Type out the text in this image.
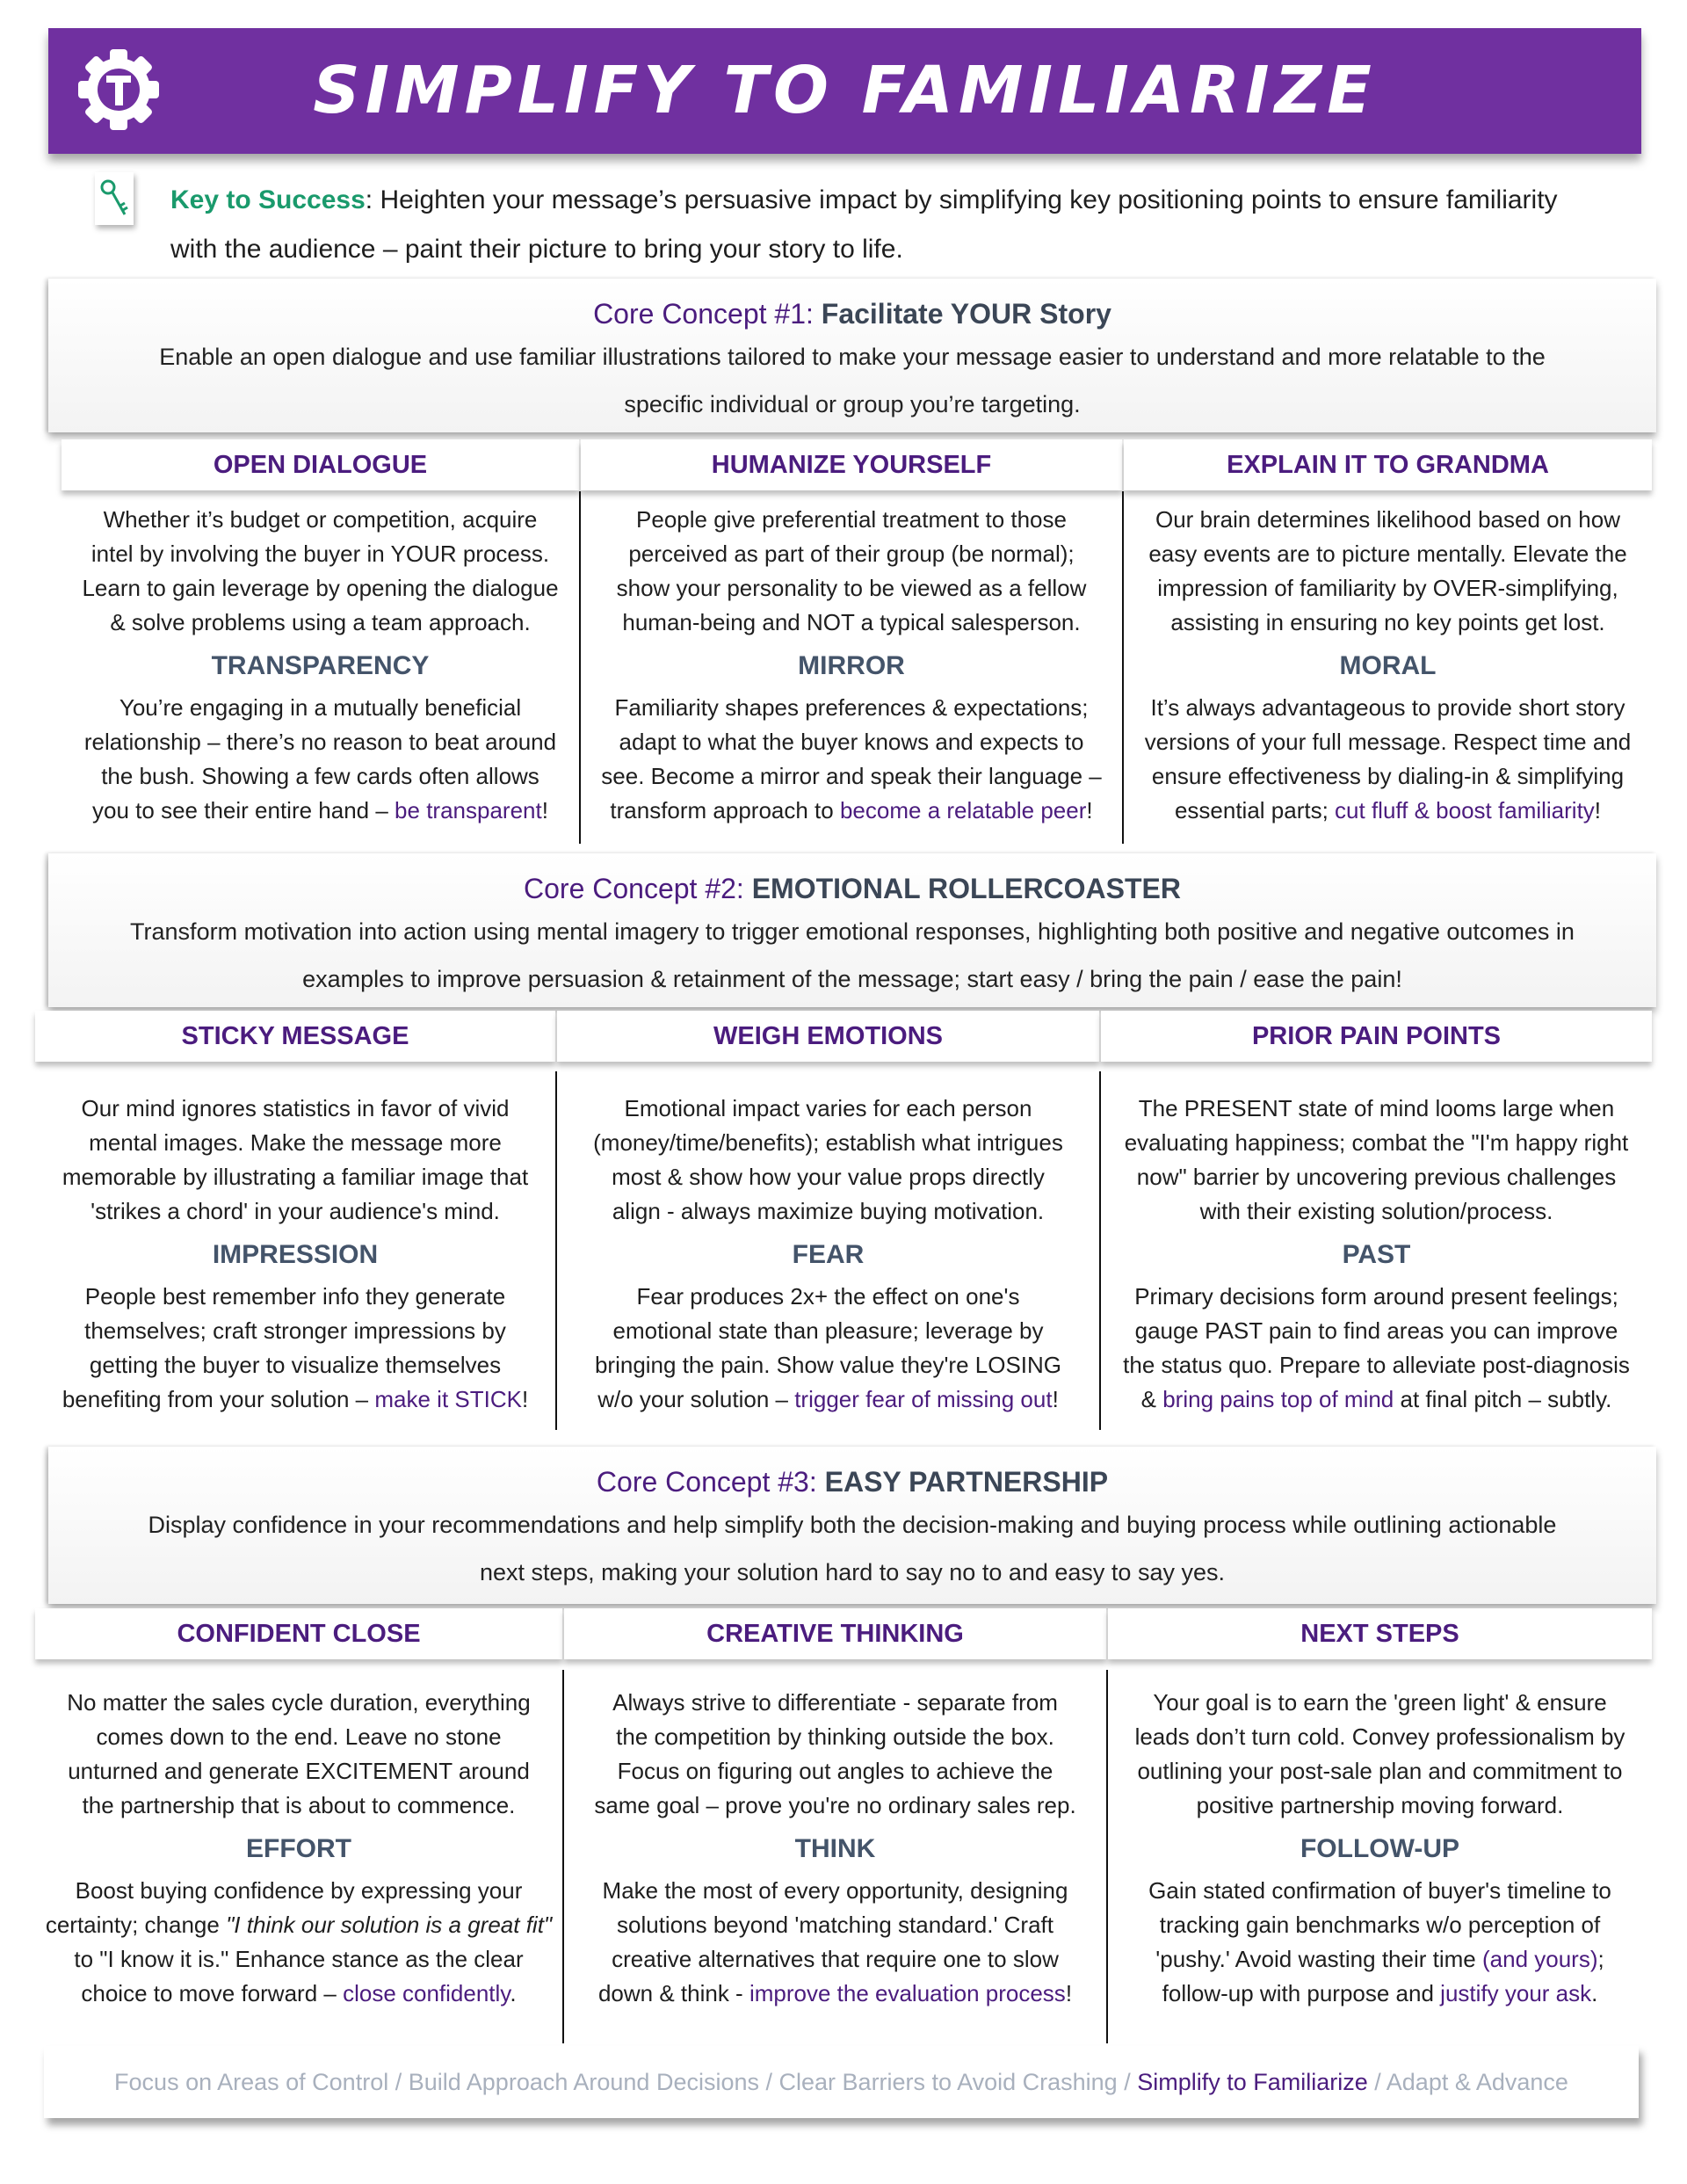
SIMPLIFY TO FAMILIARIZE
Key to Success: Heighten your message’s persuasive impact by simplifying key positioning points to ensure familiarity with the audience – paint their picture to bring your story to life.
Core Concept #1: Facilitate YOUR Story
Enable an open dialogue and use familiar illustrations tailored to make your message easier to understand and more relatable to the
specific individual or group you’re targeting.
OPEN DIALOGUE
Whether it’s budget or competition, acquire
intel by involving the buyer in YOUR process.
Learn to gain leverage by opening the dialogue
& solve problems using a team approach.
TRANSPARENCY
You’re engaging in a mutually beneficial
relationship – there’s no reason to beat around
the bush. Showing a few cards often allows
you to see their entire hand – be transparent!
HUMANIZE YOURSELF
People give preferential treatment to those
perceived as part of their group (be normal);
show your personality to be viewed as a fellow
human-being and NOT a typical salesperson.
MIRROR
Familiarity shapes preferences & expectations;
adapt to what the buyer knows and expects to
see. Become a mirror and speak their language –
transform approach to become a relatable peer!
EXPLAIN IT TO GRANDMA
Our brain determines likelihood based on how
easy events are to picture mentally. Elevate the
impression of familiarity by OVER-simplifying,
assisting in ensuring no key points get lost.
MORAL
It’s always advantageous to provide short story
versions of your full message. Respect time and
ensure effectiveness by dialing-in & simplifying
essential parts; cut fluff & boost familiarity!
Core Concept #2: EMOTIONAL ROLLERCOASTER
Transform motivation into action using mental imagery to trigger emotional responses, highlighting both positive and negative outcomes in
examples to improve persuasion & retainment of the message; start easy / bring the pain / ease the pain!
STICKY MESSAGE
Our mind ignores statistics in favor of vivid
mental images. Make the message more
memorable by illustrating a familiar image that
'strikes a chord' in your audience's mind.
IMPRESSION
People best remember info they generate
themselves; craft stronger impressions by
getting the buyer to visualize themselves
benefiting from your solution – make it STICK!
WEIGH EMOTIONS
Emotional impact varies for each person
(money/time/benefits); establish what intrigues
most & show how your value props directly
align - always maximize buying motivation.
FEAR
Fear produces 2x+ the effect on one's
emotional state than pleasure; leverage by
bringing the pain. Show value they're LOSING
w/o your solution – trigger fear of missing out!
PRIOR PAIN POINTS
The PRESENT state of mind looms large when
evaluating happiness; combat the "I'm happy right
now" barrier by uncovering previous challenges
with their existing solution/process.
PAST
Primary decisions form around present feelings;
gauge PAST pain to find areas you can improve
the status quo. Prepare to alleviate post-diagnosis
& bring pains top of mind at final pitch – subtly.
Core Concept #3: EASY PARTNERSHIP
Display confidence in your recommendations and help simplify both the decision-making and buying process while outlining actionable
next steps, making your solution hard to say no to and easy to say yes.
CONFIDENT CLOSE
No matter the sales cycle duration, everything
comes down to the end. Leave no stone
unturned and generate EXCITEMENT around
the partnership that is about to commence.
EFFORT
Boost buying confidence by expressing your
certainty; change "I think our solution is a great fit"
to "I know it is." Enhance stance as the clear
choice to move forward – close confidently.
CREATIVE THINKING
Always strive to differentiate - separate from
the competition by thinking outside the box.
Focus on figuring out angles to achieve the
same goal – prove you're no ordinary sales rep.
THINK
Make the most of every opportunity, designing
solutions beyond 'matching standard.' Craft
creative alternatives that require one to slow
down & think - improve the evaluation process!
NEXT STEPS
Your goal is to earn the 'green light' & ensure
leads don’t turn cold. Convey professionalism by
outlining your post-sale plan and commitment to
positive partnership moving forward.
FOLLOW-UP
Gain stated confirmation of buyer's timeline to
tracking gain benchmarks w/o perception of
'pushy.' Avoid wasting their time (and yours);
follow-up with purpose and justify your ask.
Focus on Areas of Control / Build Approach Around Decisions / Clear Barriers to Avoid Crashing / Simplify to Familiarize / Adapt & Advance
